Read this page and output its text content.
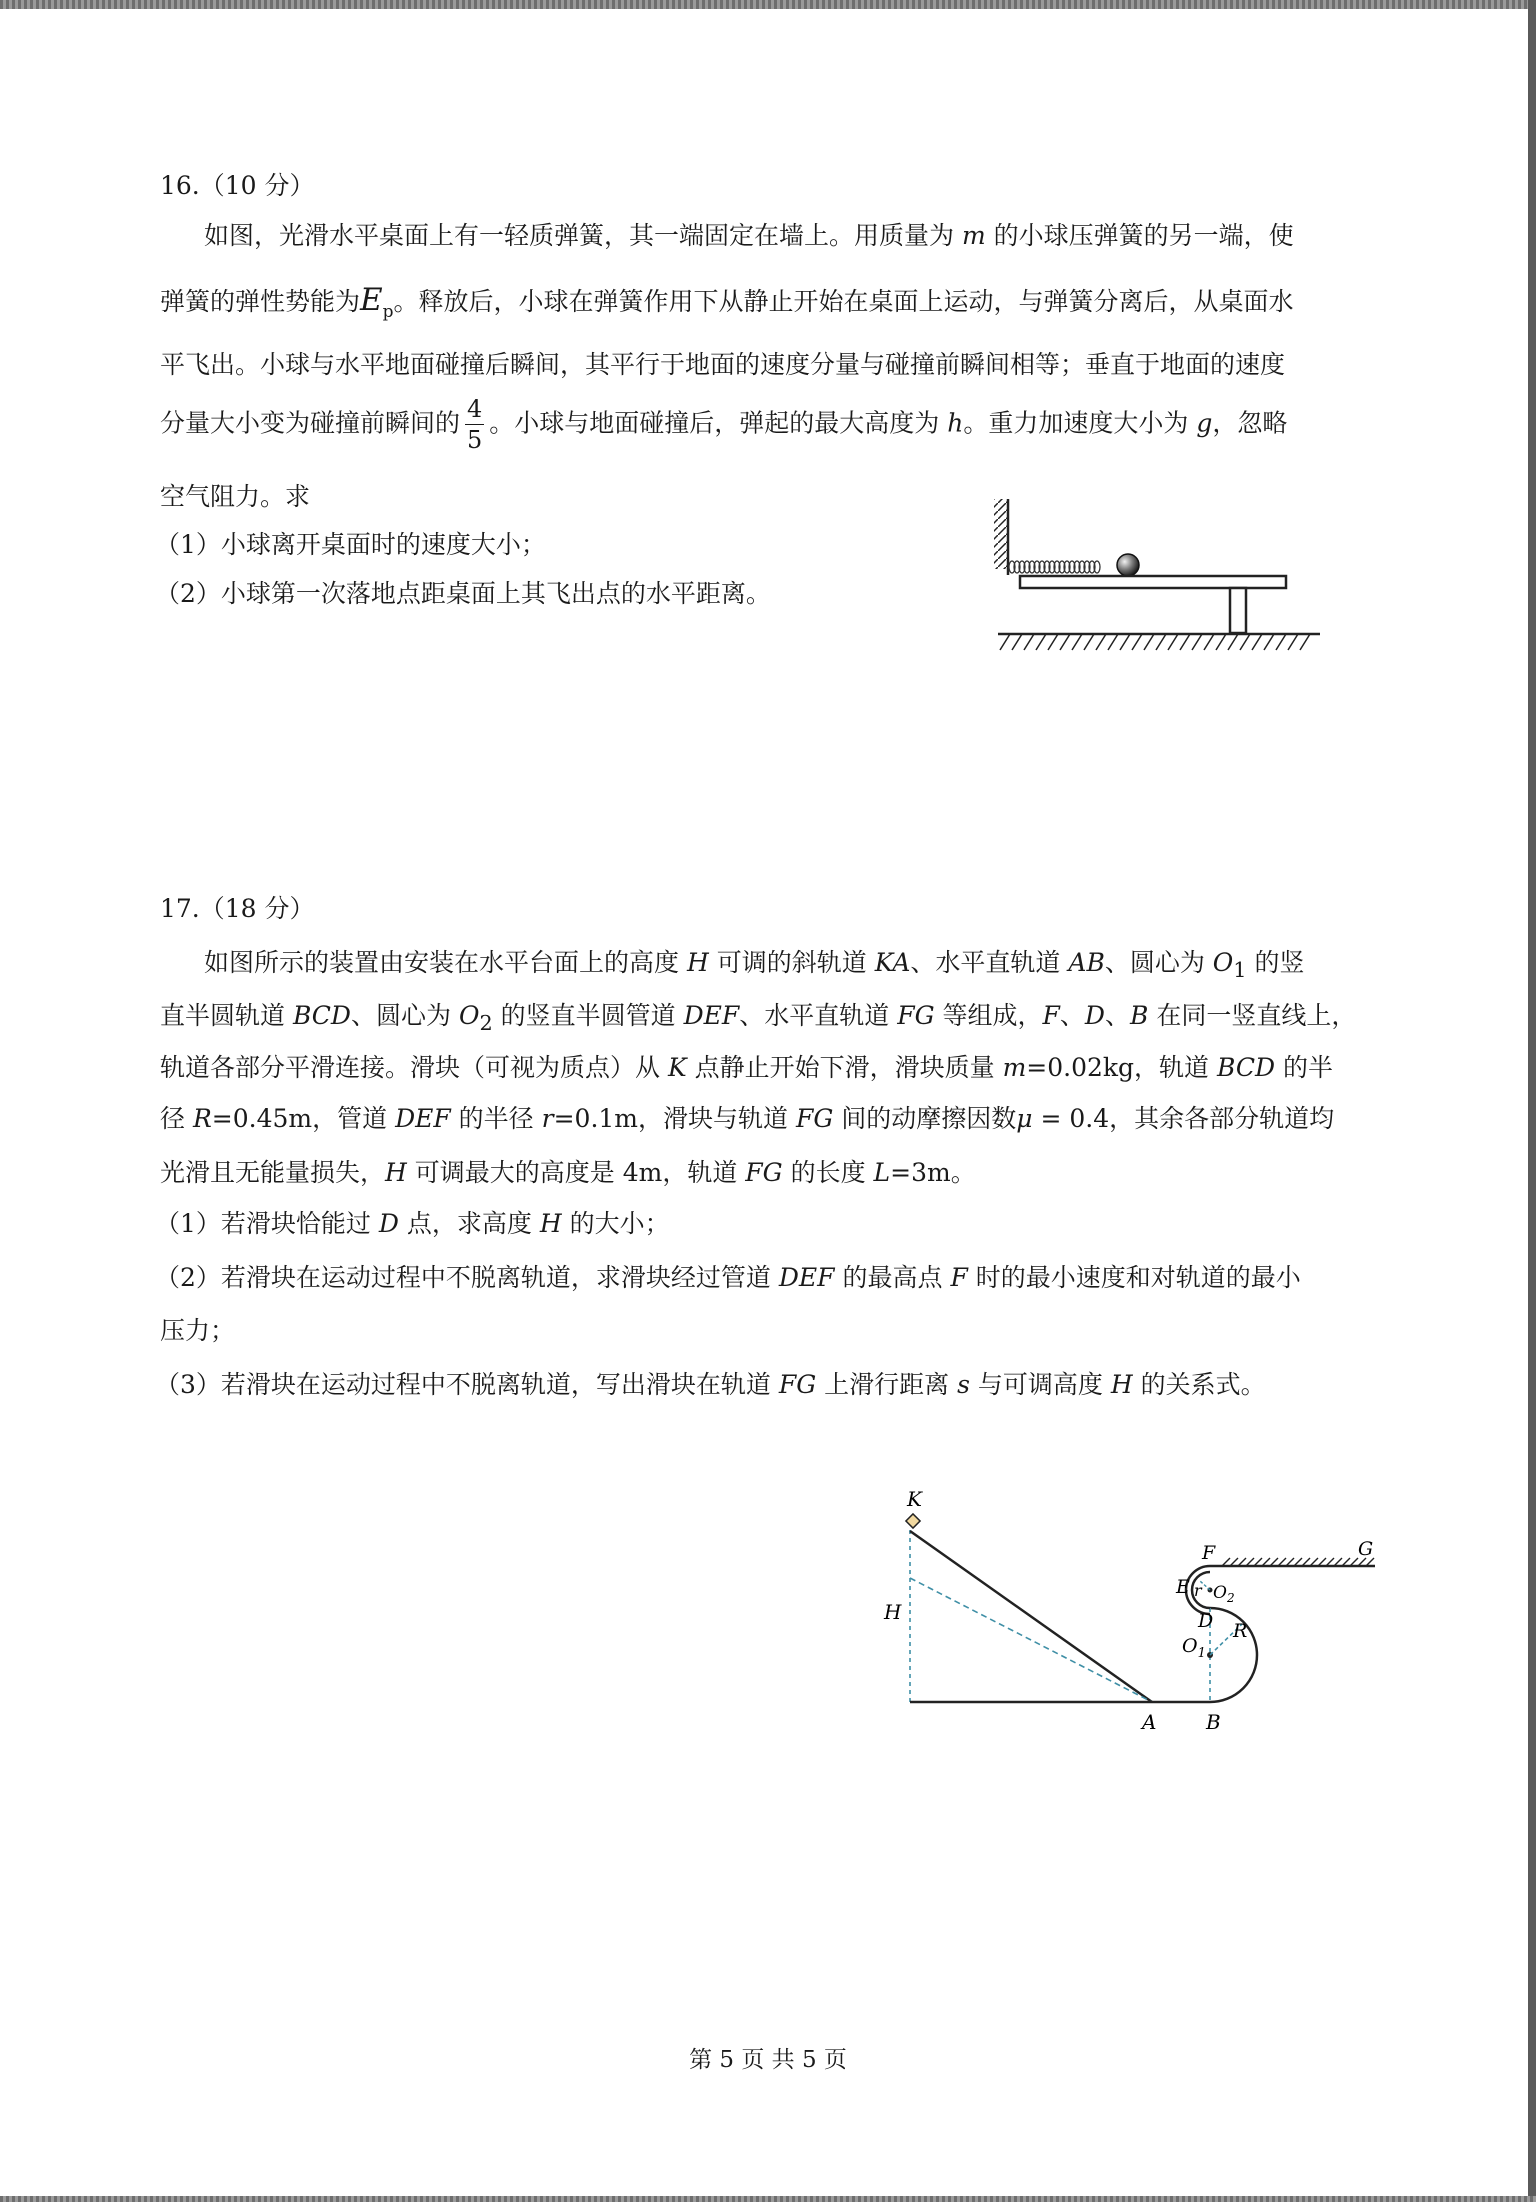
16.（10 分）
如图，光滑水平桌面上有一轻质弹簧，其一端固定在墙上。用质量为 m 的小球压弹簧的另一端，使
弹簧的弹性势能为$E_p$。释放后，小球在弹簧作用下从静止开始在桌面上运动，与弹簧分离后，从桌面水
平飞出。小球与水平地面碰撞后瞬间，其平行于地面的速度分量与碰撞前瞬间相等；垂直于地面的速度
分量大小变为碰撞前瞬间的 $\frac{4}{5}$ 。小球与地面碰撞后，弹起的最大高度为 h。重力加速度大小为 g，忽略
空气阻力。求
（1）小球离开桌面时的速度大小；
（2）小球第一次落地点距桌面上其飞出点的水平距离。
17.（18 分）
如图所示的装置由安装在水平台面上的高度 H 可调的斜轨道 KA、水平直轨道 AB、圆心为 $O_1$ 的竖
直半圆轨道 BCD、圆心为 $O_2$ 的竖直半圆管道 DEF、水平直轨道 FG 等组成，F、D、B 在同一竖直线上，
轨道各部分平滑连接。滑块（可视为质点）从 K 点静止开始下滑，滑块质量 m=0.02kg，轨道 BCD 的半
径 R=0.45m，管道 DEF 的半径 r=0.1m，滑块与轨道 FG 间的动摩擦因数μ = 0.4，其余各部分轨道均
光滑且无能量损失，H 可调最大的高度是 4m，轨道 FG 的长度 L=3m。
（1）若滑块恰能过 D 点，求高度 H 的大小；
（2）若滑块在运动过程中不脱离轨道，求滑块经过管道 DEF 的最高点 F 时的最小速度和对轨道的最小
压力；
（3）若滑块在运动过程中不脱离轨道，写出滑块在轨道 FG 上滑行距离 s 与可调高度 H 的关系式。
K
H
A B
$O_1$
R
r $O_2$
E
D
F	G
第 5 页 共 5 页
